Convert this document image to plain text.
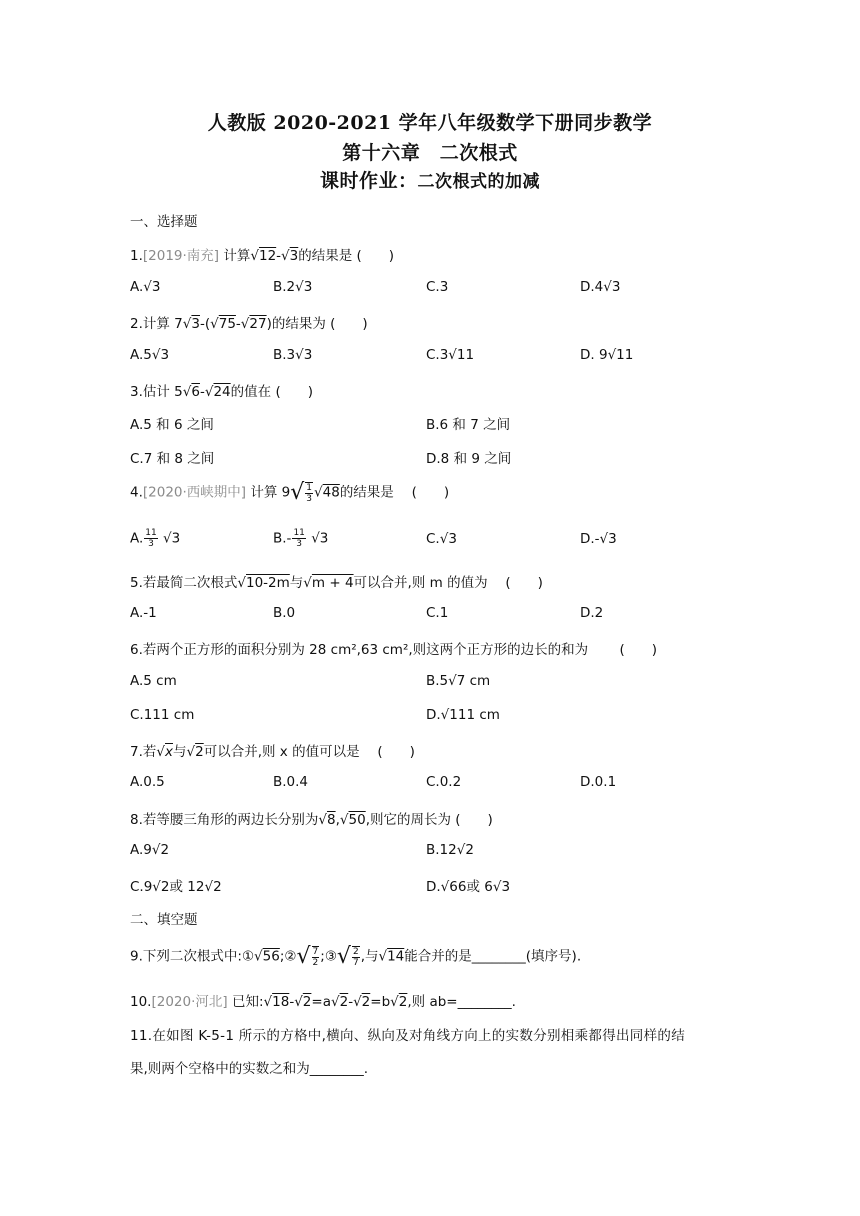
人教版 2020-2021 学年八年级数学下册同步教学
第十六章　二次根式
课时作业：二次根式的加减
一、选择题
1.[2019·南充] 计算√12-√3的结果是 (　　)
A.√3	B.2√3	C.3	D.4√3
2.计算 7√3-(√75-√27)的结果为 (　　)
A.5√3	B.3√3	C.3√11	D. 9√11
3.估计 5√6-√24的值在 (　　)
A.5 和 6 之间	B.6 和 7 之间
C.7 和 8 之间	D.8 和 9 之间
4.[2020·西峡期中] 计算 $9√ \frac{1}{3} √48$的结果是 　(　　)
A. $\frac{11}{3} √3$	$B.- \frac{11}{3} √3$	C.√3	D.-√3
5.若最简二次根式√10-2m与√m + 4可以合并,则 m 的值为 　(　　)
A.-1	B.0	C.1	D.2
6.若两个正方形的面积分别为 28 cm²,63 cm²,则这两个正方形的边长的和为 　　(　　)
A.5 cm	B.5√7 cm
C.111 cm	D.√111 cm
7.若√x与√2可以合并,则 x 的值可以是 　(　　)
A.0.5	B.0.4	C.0.2	D.0.1
8.若等腰三角形的两边长分别为√8,√50,则它的周长为 (　　)
A.9√2	B.12√2
C.9√2或 12√2	D.√66或 6√3
二、填空题
9.下列二次根式中:①√56;②√ $\frac{7}{2}$ ;③√ $\frac{2}{7}$ ,与√14能合并的是________(填序号).
10.[2020·河北] 已知:√18-√2=a√2-√2=b√2,则 ab=________.
11.在如图 K-5-1 所示的方格中,横向、纵向及对角线方向上的实数分别相乘都得出同样的结
果,则两个空格中的实数之和为________.
